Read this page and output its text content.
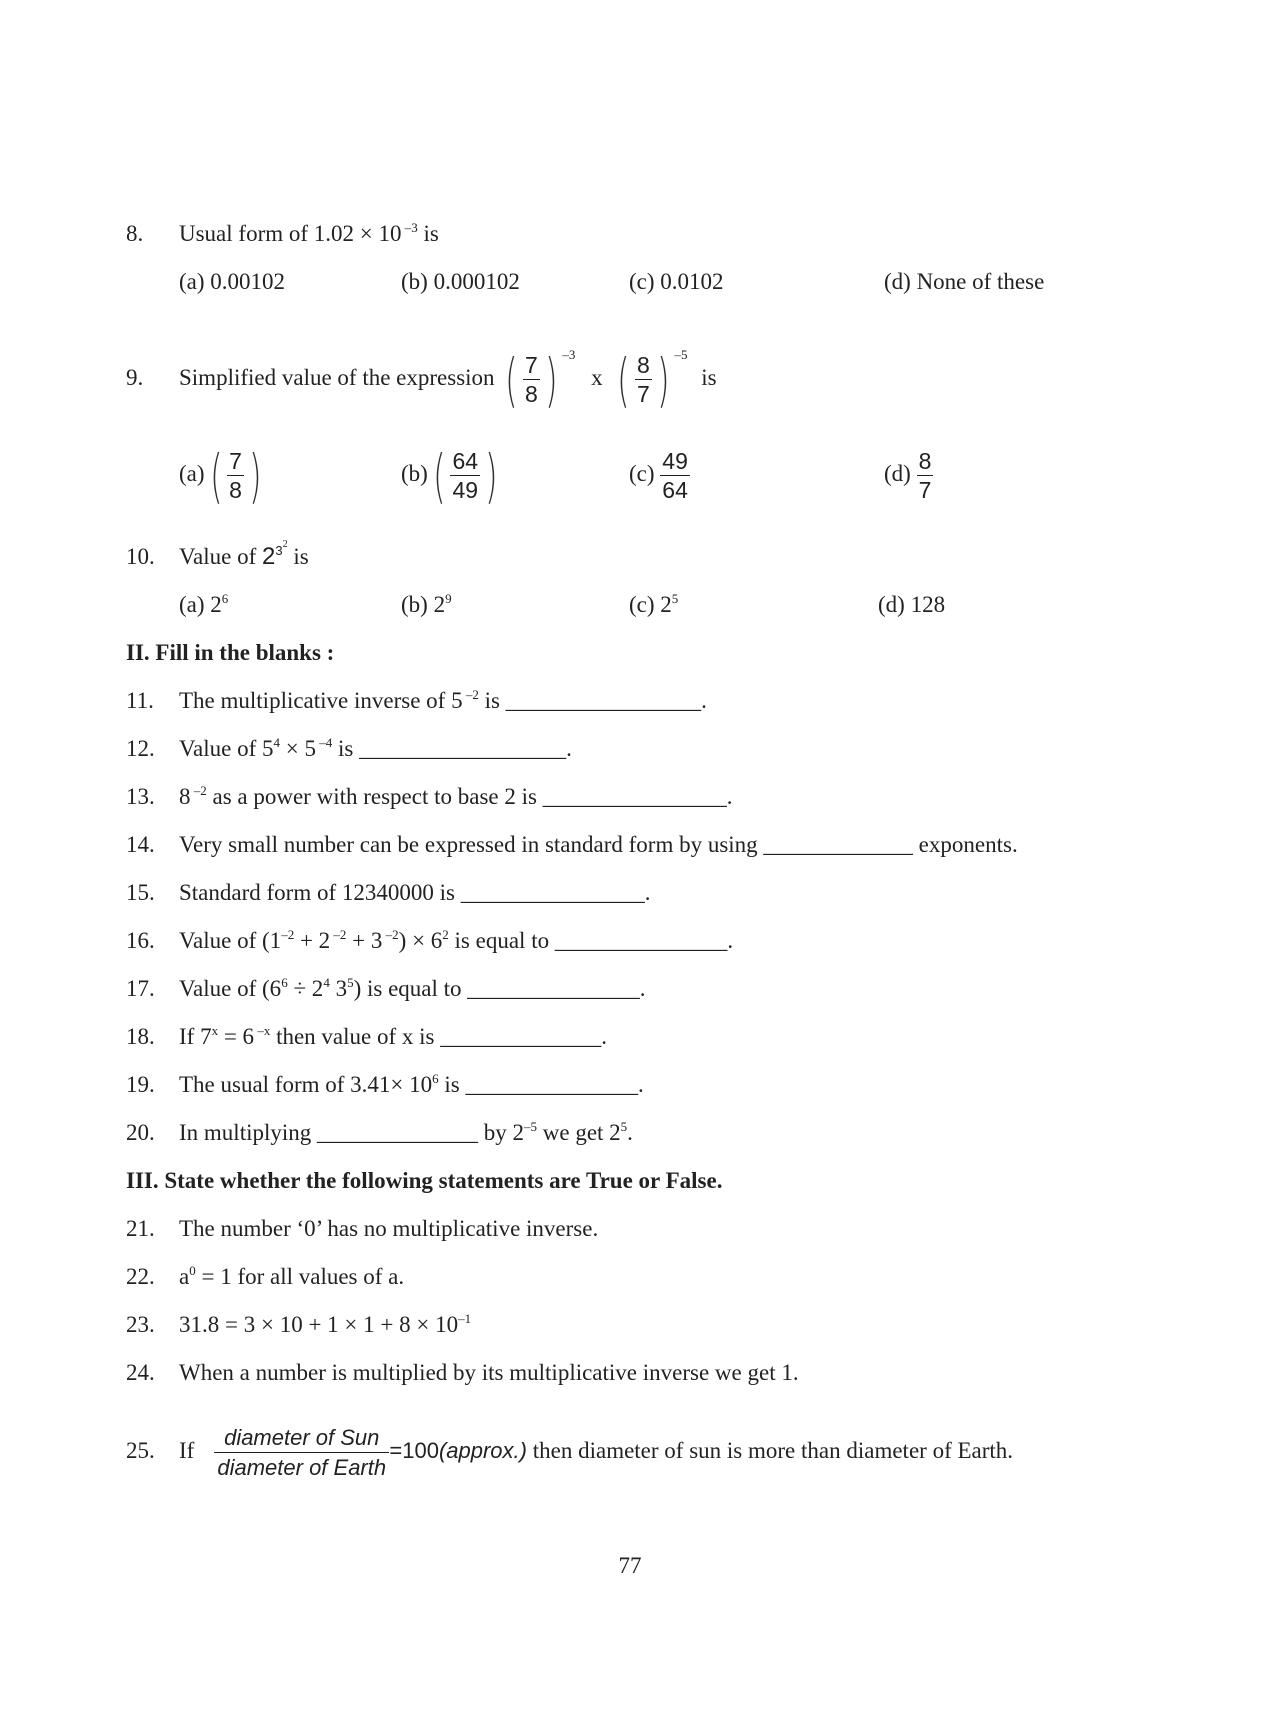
8. Usual form of 1.02 × 10 $^{-3}$ is
(a) 0.00102	(b) 0.000102	(c) 0.0102	(d) None of these
9. Simplified value of the expression ( $\frac{7}{8}$ ) $^{-3}$ x ( $\frac{8}{7}$ ) $^{-5}$ is
(a) ( $\frac{7}{8}$ )	(b) ( $\frac{64}{49}$ )	$(c) \frac{49}{64}$	$(d) \frac{8}{7}$
10. Value of $2^{32}$ is
(a) $2^6$	(b) $2^9$	(c) $2^5$	(d) 128
II. Fill in the blanks :
11. The multiplicative inverse of 5 $^{-2}$ is _________________.
12. Value of $5^4 \times 5$ $^{-4}$ is __________________.
13. 8 $^{-2}$ as a power with respect to base 2 is ________________.
14. Very small number can be expressed in standard form by using _____________ exponents.
15. Standard form of 12340000 is ________________.
16. Value of ($1^{-2} + 2$ $^{-2}$ + 3 $^{-2}) \times 6^2$ is equal to _______________.
17. Value of ($6^6 \div 2^4$ $3^5$) is equal to _______________.
18. If $7^x = 6$ $^{-x}$ then value of x is ______________.
19. The usual form of $3.41\times 10^6$ is _______________.
20. In multiplying ______________ by $2^{-5}$ we get $2^5$.
III. State whether the following statements are True or False.
21. The number ‘0’ has no multiplicative inverse.
22. $a^0 = 1$ for all values of a.
23. $31.8 = 3 \times 10 + 1 \times 1 + 8 \times 10^{-1}$
24. When a number is multiplied by its multiplicative inverse we get 1.
25. If $\frac{\text{diameter of Sun}}{\text{diameter of Earth}}$ =100(approx.) then diameter of sun is more than diameter of Earth.
77
